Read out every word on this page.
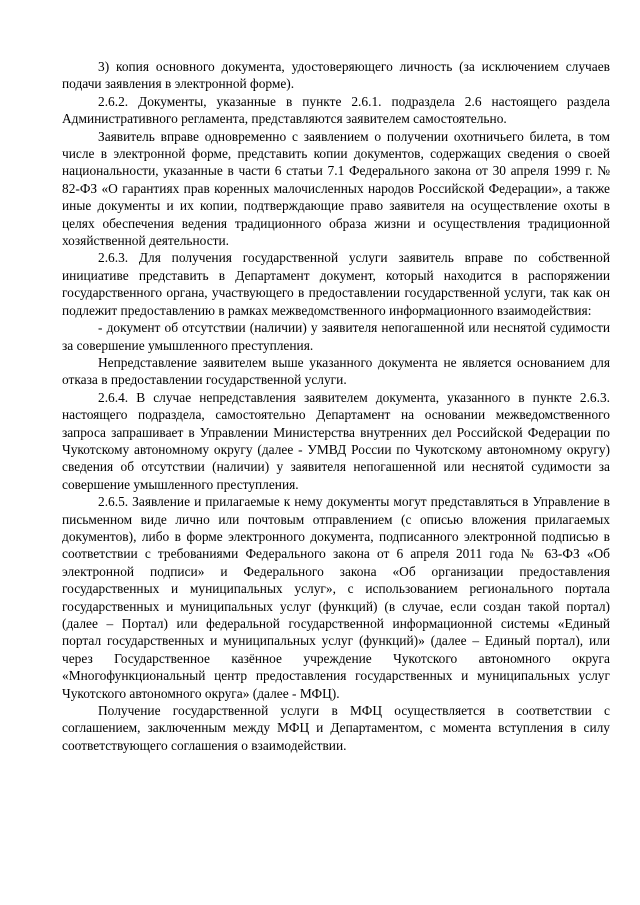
3) копия основного документа, удостоверяющего личность (за исключением случаев подачи заявления в электронной форме).

2.6.2. Документы, указанные в пункте 2.6.1. подраздела 2.6 настоящего раздела Административного регламента, представляются заявителем самостоятельно.

Заявитель вправе одновременно с заявлением о получении охотничьего билета, в том числе в электронной форме, представить копии документов, содержащих сведения о своей национальности, указанные в части 6 статьи 7.1 Федерального закона от 30 апреля 1999 г. № 82-ФЗ «О гарантиях прав коренных малочисленных народов Российской Федерации», а также иные документы и их копии, подтверждающие право заявителя на осуществление охоты в целях обеспечения ведения традиционного образа жизни и осуществления традиционной хозяйственной деятельности.

2.6.3. Для получения государственной услуги заявитель вправе по собственной инициативе представить в Департамент документ, который находится в распоряжении государственного органа, участвующего в предоставлении государственной услуги, так как он подлежит предоставлению в рамках межведомственного информационного взаимодействия:

- документ об отсутствии (наличии) у заявителя непогашенной или неснятой судимости за совершение умышленного преступления.

Непредставление заявителем выше указанного документа не является основанием для отказа в предоставлении государственной услуги.

2.6.4. В случае непредставления заявителем документа, указанного в пункте 2.6.3. настоящего подраздела, самостоятельно Департамент на основании межведомственного запроса запрашивает в Управлении Министерства внутренних дел Российской Федерации по Чукотскому автономному округу (далее - УМВД России по Чукотскому автономному округу) сведения об отсутствии (наличии) у заявителя непогашенной или неснятой судимости за совершение умышленного преступления.

2.6.5. Заявление и прилагаемые к нему документы могут представляться в Управление в письменном виде лично или почтовым отправлением (с описью вложения прилагаемых документов), либо в форме электронного документа, подписанного электронной подписью в соответствии с требованиями Федерального закона от 6 апреля 2011 года № 63-ФЗ «Об электронной подписи» и Федерального закона «Об организации предоставления государственных и муниципальных услуг», с использованием регионального портала государственных и муниципальных услуг (функций) (в случае, если создан такой портал) (далее – Портал) или федеральной государственной информационной системы «Единый портал государственных и муниципальных услуг (функций)» (далее – Единый портал), или через Государственное казённое учреждение Чукотского автономного округа «Многофункциональный центр предоставления государственных и муниципальных услуг Чукотского автономного округа» (далее - МФЦ).

Получение государственной услуги в МФЦ осуществляется в соответствии с соглашением, заключенным между МФЦ и Департаментом, с момента вступления в силу соответствующего соглашения о взаимодействии.
